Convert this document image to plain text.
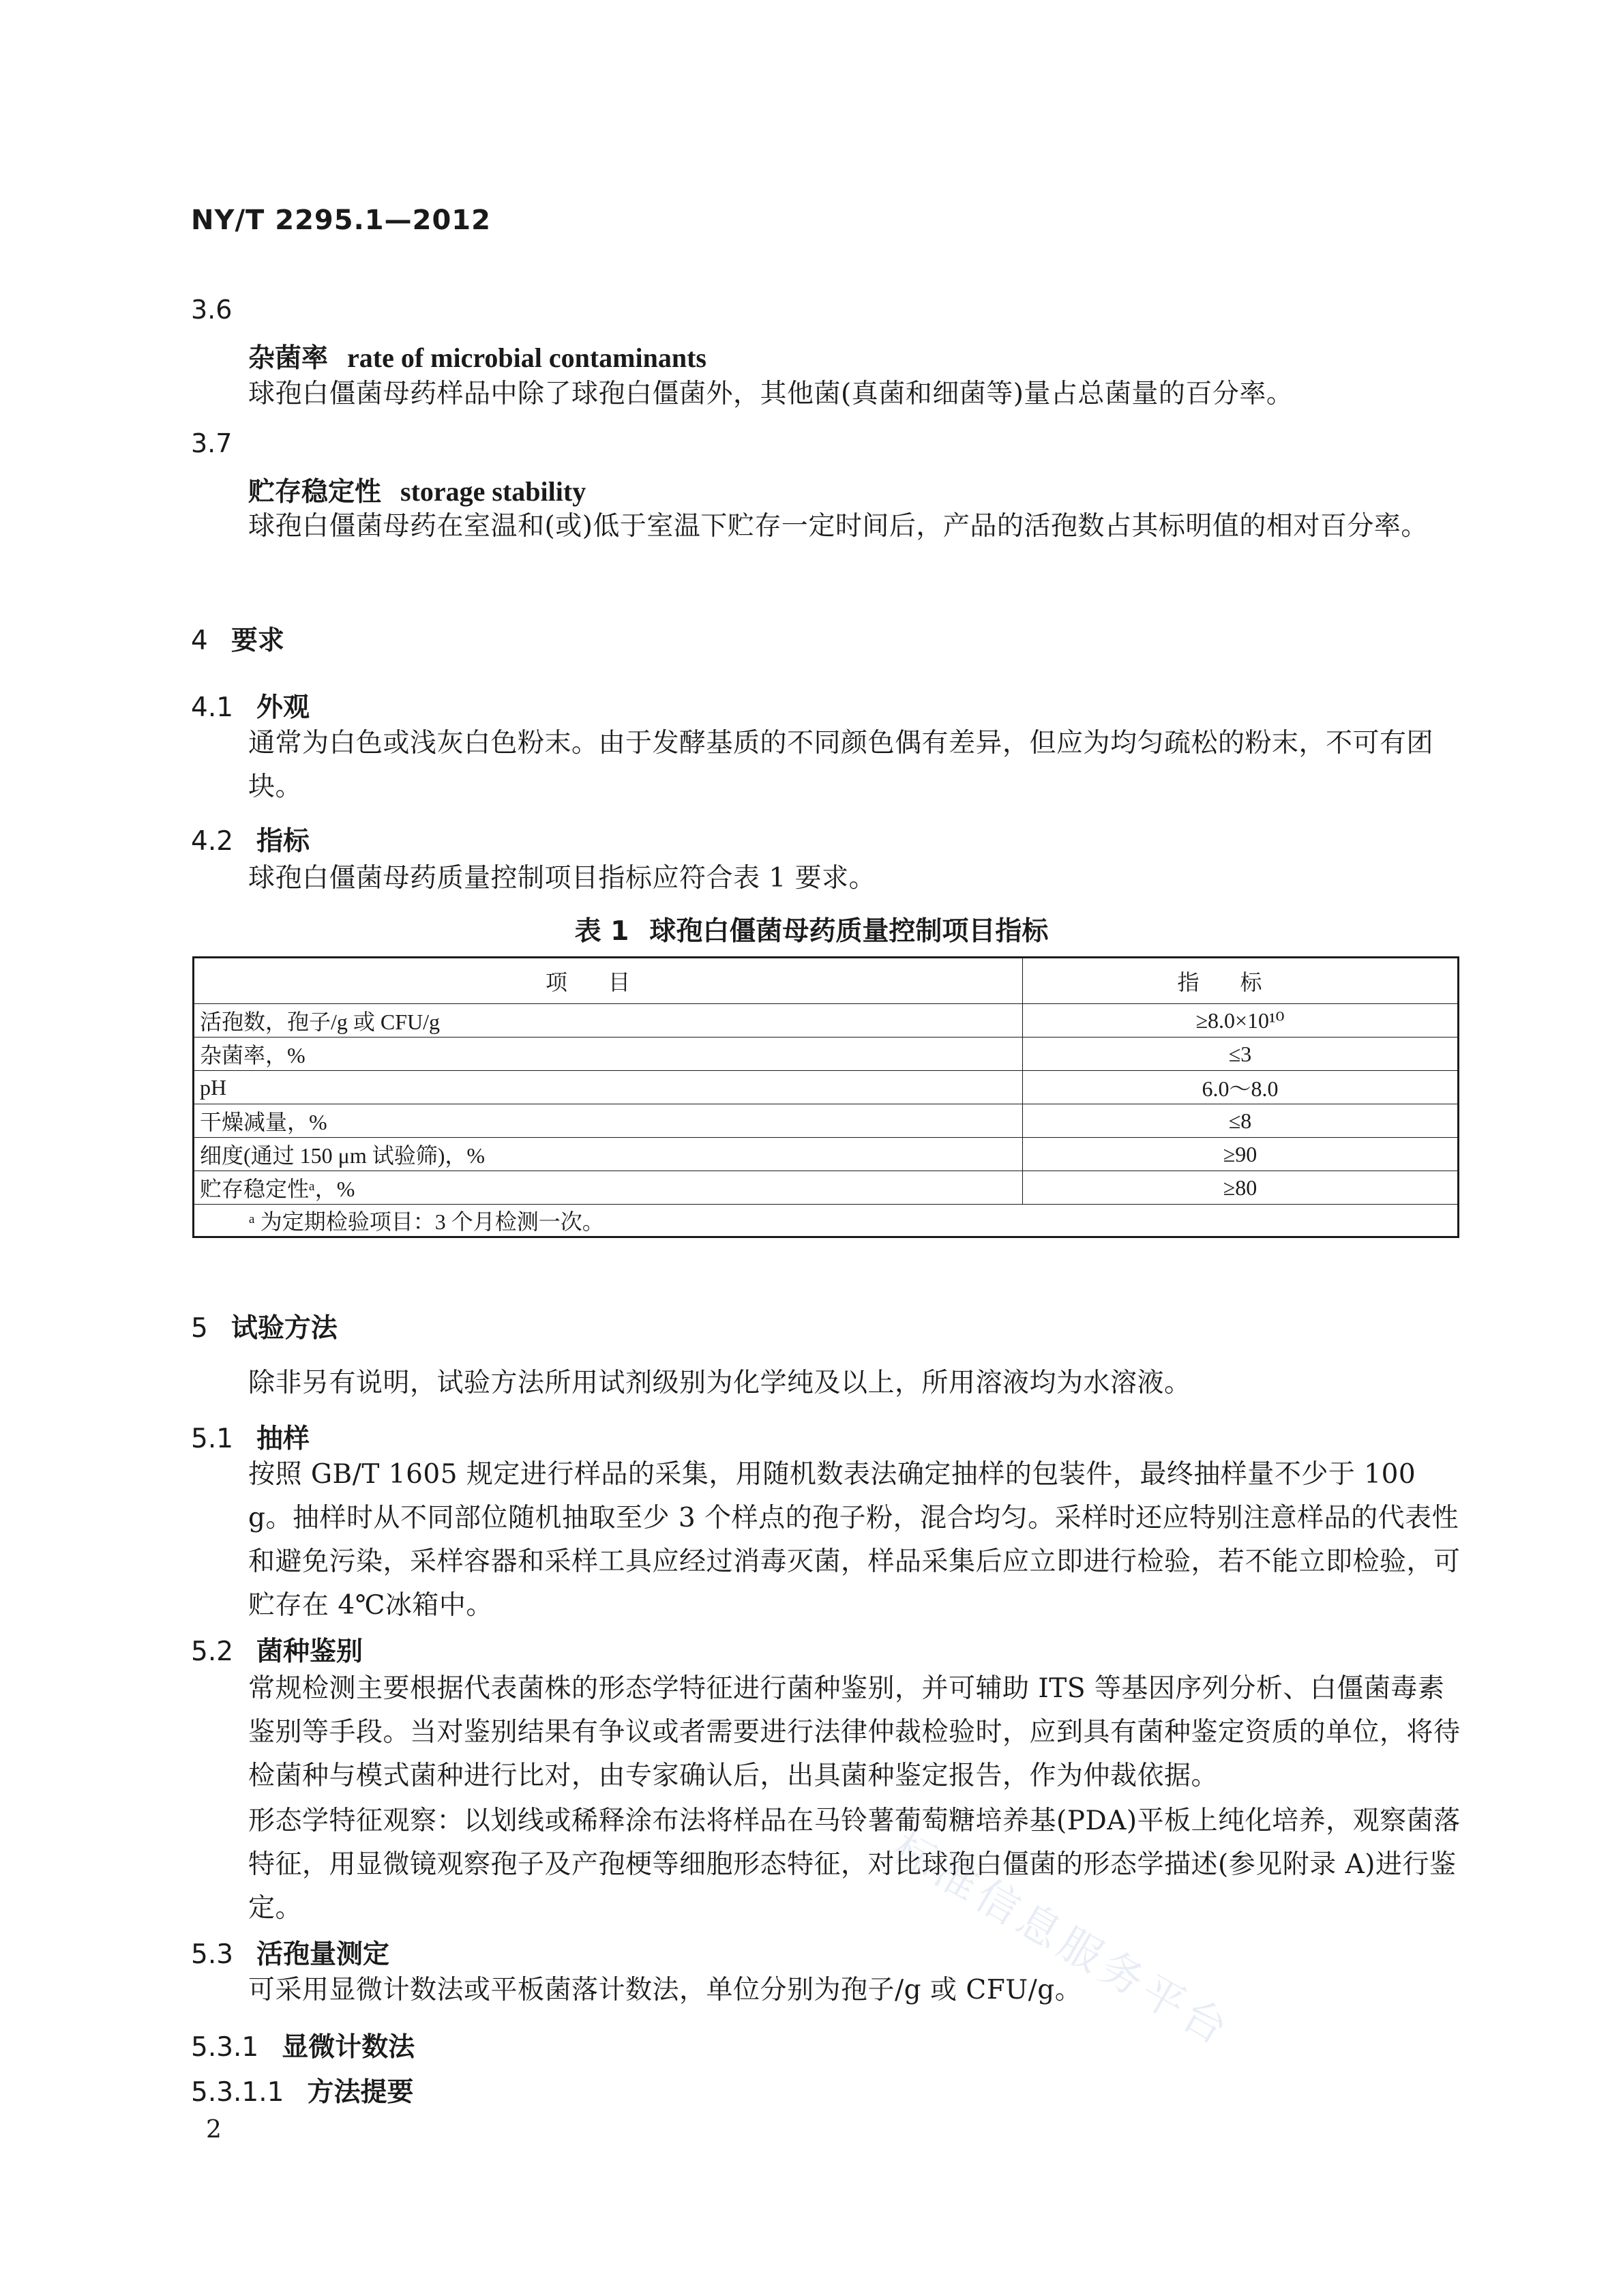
NY/T 2295.1—2012
3.6
杂菌率 rate of microbial contaminants
球孢白僵菌母药样品中除了球孢白僵菌外，其他菌(真菌和细菌等)量占总菌量的百分率。
3.7
贮存稳定性 storage stability
球孢白僵菌母药在室温和(或)低于室温下贮存一定时间后，产品的活孢数占其标明值的相对百分率。
4 要求
4.1 外观
通常为白色或浅灰白色粉末。由于发酵基质的不同颜色偶有差异，但应为均匀疏松的粉末，不可有团块。
4.2 指标
球孢白僵菌母药质量控制项目指标应符合表 1 要求。
表 1 球孢白僵菌母药质量控制项目指标
项目	指标
活孢数，孢子/g 或 CFU/g	≥8.0×10¹⁰
杂菌率，%	≤3
pH	6.0～8.0
干燥减量，%	≤8
细度(通过 150 μm 试验筛)，%	≥90
贮存稳定性ᵃ，%	≥80
ᵃ 为定期检验项目：3 个月检测一次。	
5 试验方法
除非另有说明，试验方法所用试剂级别为化学纯及以上，所用溶液均为水溶液。
5.1 抽样
按照 GB/T 1605 规定进行样品的采集，用随机数表法确定抽样的包装件，最终抽样量不少于 100 g。抽样时从不同部位随机抽取至少 3 个样点的孢子粉，混合均匀。采样时还应特别注意样品的代表性和避免污染，采样容器和采样工具应经过消毒灭菌，样品采集后应立即进行检验，若不能立即检验，可贮存在 4℃冰箱中。
5.2 菌种鉴别
常规检测主要根据代表菌株的形态学特征进行菌种鉴别，并可辅助 ITS 等基因序列分析、白僵菌毒素鉴别等手段。当对鉴别结果有争议或者需要进行法律仲裁检验时，应到具有菌种鉴定资质的单位，将待检菌种与模式菌种进行比对，由专家确认后，出具菌种鉴定报告，作为仲裁依据。
形态学特征观察：以划线或稀释涂布法将样品在马铃薯葡萄糖培养基(PDA)平板上纯化培养，观察菌落特征，用显微镜观察孢子及产孢梗等细胞形态特征，对比球孢白僵菌的形态学描述(参见附录 A)进行鉴定。
5.3 活孢量测定
可采用显微计数法或平板菌落计数法，单位分别为孢子/g 或 CFU/g。
5.3.1 显微计数法
5.3.1.1 方法提要
2
标准信息服务平台
